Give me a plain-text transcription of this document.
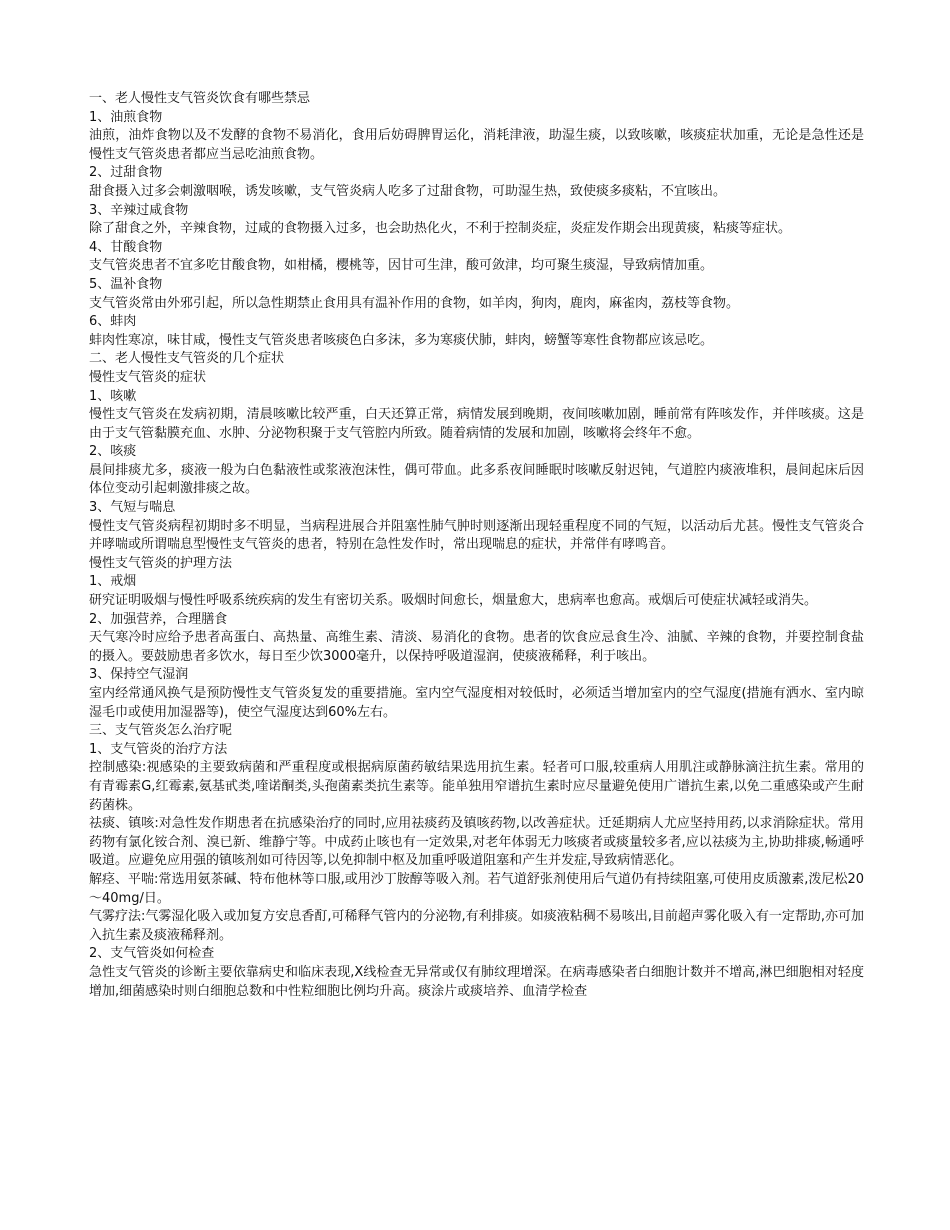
一、老人慢性支气管炎饮食有哪些禁忌

1、油煎食物

油煎，油炸食物以及不发酵的食物不易消化，食用后妨碍脾胃运化，消耗津液，助湿生痰，以致咳嗽，咳痰症状加重，无论是急性还是慢性支气管炎患者都应当忌吃油煎食物。

2、过甜食物

甜食摄入过多会刺激咽喉，诱发咳嗽，支气管炎病人吃多了过甜食物，可助湿生热，致使痰多痰粘，不宜咳出。

3、辛辣过咸食物

除了甜食之外，辛辣食物，过咸的食物摄入过多，也会助热化火，不利于控制炎症，炎症发作期会出现黄痰，粘痰等症状。

4、甘酸食物

支气管炎患者不宜多吃甘酸食物，如柑橘，樱桃等，因甘可生津，酸可敛津，均可聚生痰湿，导致病情加重。

5、温补食物

支气管炎常由外邪引起，所以急性期禁止食用具有温补作用的食物，如羊肉，狗肉，鹿肉，麻雀肉，荔枝等食物。

6、蚌肉

蚌肉性寒凉，味甘咸，慢性支气管炎患者咳痰色白多沫，多为寒痰伏肺，蚌肉，螃蟹等寒性食物都应该忌吃。

二、老人慢性支气管炎的几个症状

慢性支气管炎的症状

1、咳嗽

慢性支气管炎在发病初期，清晨咳嗽比较严重，白天还算正常，病情发展到晚期，夜间咳嗽加剧，睡前常有阵咳发作，并伴咳痰。这是由于支气管黏膜充血、水肿、分泌物积聚于支气管腔内所致。随着病情的发展和加剧，咳嗽将会终年不愈。

2、咳痰

晨间排痰尤多，痰液一般为白色黏液性或浆液泡沫性，偶可带血。此多系夜间睡眠时咳嗽反射迟钝，气道腔内痰液堆积，晨间起床后因体位变动引起刺激排痰之故。

3、气短与喘息

慢性支气管炎病程初期时多不明显，当病程进展合并阻塞性肺气肿时则逐渐出现轻重程度不同的气短，以活动后尤甚。慢性支气管炎合并哮喘或所谓喘息型慢性支气管炎的患者，特别在急性发作时，常出现喘息的症状，并常伴有哮鸣音。

慢性支气管炎的护理方法

1、戒烟

研究证明吸烟与慢性呼吸系统疾病的发生有密切关系。吸烟时间愈长，烟量愈大，患病率也愈高。戒烟后可使症状减轻或消失。

2、加强营养，合理膳食

天气寒冷时应给予患者高蛋白、高热量、高维生素、清淡、易消化的食物。患者的饮食应忌食生冷、油腻、辛辣的食物，并要控制食盐的摄入。要鼓励患者多饮水，每日至少饮3000毫升，以保持呼吸道湿润，使痰液稀释，利于咳出。

3、保持空气湿润

室内经常通风换气是预防慢性支气管炎复发的重要措施。室内空气湿度相对较低时，必须适当增加室内的空气湿度(措施有洒水、室内晾湿毛巾或使用加湿器等)，使空气湿度达到60%左右。

三、支气管炎怎么治疗呢

1、支气管炎的治疗方法

控制感染:视感染的主要致病菌和严重程度或根据病原菌药敏结果选用抗生素。轻者可口服,较重病人用肌注或静脉滴注抗生素。常用的有青霉素G,红霉素,氨基甙类,喹诺酮类,头孢菌素类抗生素等。能单独用窄谱抗生素时应尽量避免使用广谱抗生素,以免二重感染或产生耐药菌株。

祛痰、镇咳:对急性发作期患者在抗感染治疗的同时,应用祛痰药及镇咳药物,以改善症状。迁延期病人尤应坚持用药,以求消除症状。常用药物有氯化铵合剂、溴已新、维静宁等。中成药止咳也有一定效果,对老年体弱无力咳痰者或痰量较多者,应以祛痰为主,协助排痰,畅通呼吸道。应避免应用强的镇咳剂如可待因等,以免抑制中枢及加重呼吸道阻塞和产生并发症,导致病情恶化。

解痉、平喘:常选用氨茶碱、特布他林等口服,或用沙丁胺醇等吸入剂。若气道舒张剂使用后气道仍有持续阻塞,可使用皮质激素,泼尼松20～40mg/日。

气雾疗法:气雾湿化吸入或加复方安息香酊,可稀释气管内的分泌物,有利排痰。如痰液粘稠不易咳出,目前超声雾化吸入有一定帮助,亦可加入抗生素及痰液稀释剂。

2、支气管炎如何检查

急性支气管炎的诊断主要依靠病史和临床表现,X线检查无异常或仅有肺纹理增深。在病毒感染者白细胞计数并不增高,淋巴细胞相对轻度增加,细菌感染时则白细胞总数和中性粒细胞比例均升高。痰涂片或痰培养、血清学检查
